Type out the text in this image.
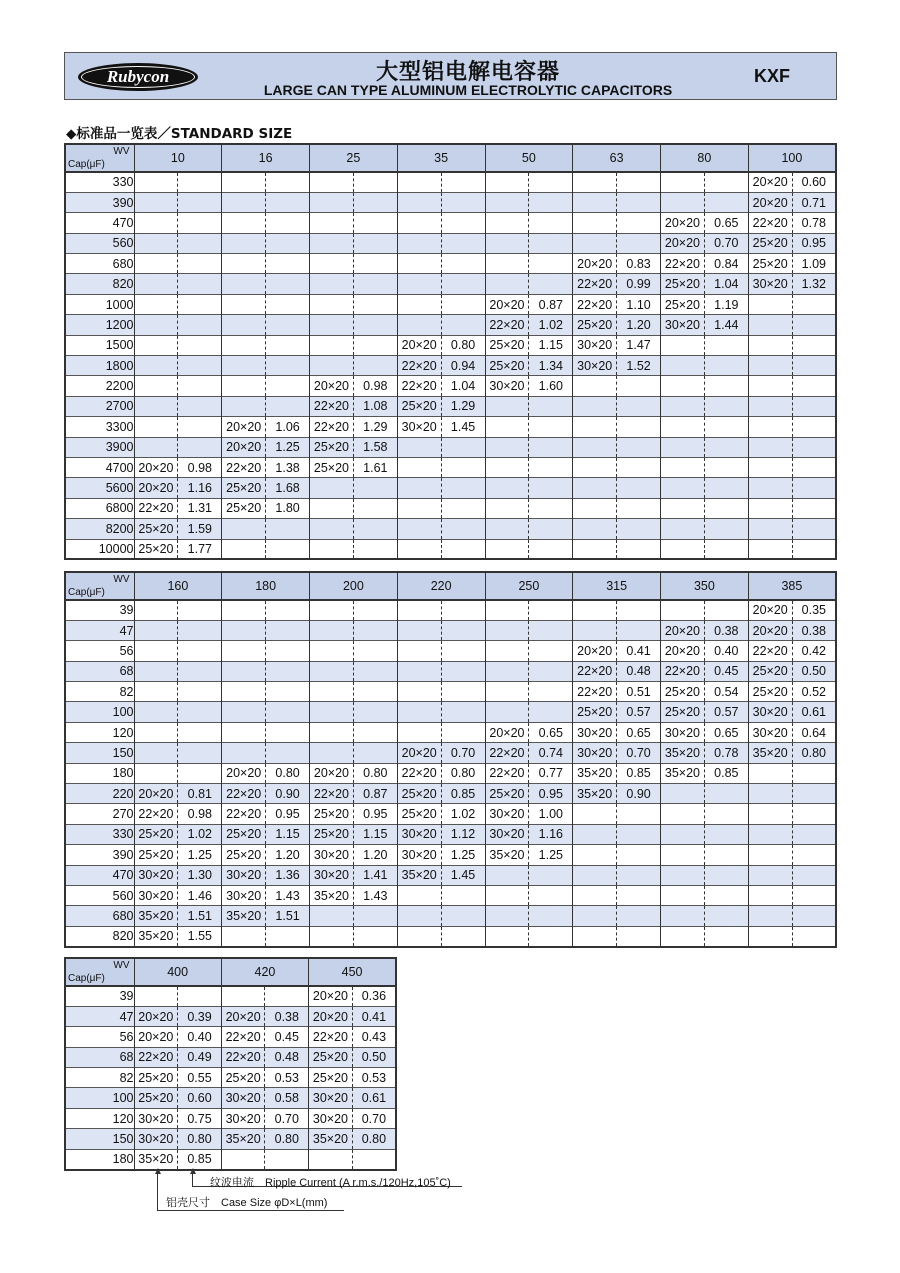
Rubycon	大型铝电解电容器
LARGE CAN TYPE ALUMINUM ELECTROLYTIC CAPACITORS
KXF
◆标准品一览表／STANDARD SIZE
WV
Cap(μF)	10		16		25		35		50		63		80		100	
330															20×20	0.60
390															20×20	0.71
470													20×20	0.65	22×20	0.78
560													20×20	0.70	25×20	0.95
680											20×20	0.83	22×20	0.84	25×20	1.09
820											22×20	0.99	25×20	1.04	30×20	1.32
1000									20×20	0.87	22×20	1.10	25×20	1.19		
1200									22×20	1.02	25×20	1.20	30×20	1.44		
1500							20×20	0.80	25×20	1.15	30×20	1.47				
1800							22×20	0.94	25×20	1.34	30×20	1.52				
2200					20×20	0.98	22×20	1.04	30×20	1.60						
2700					22×20	1.08	25×20	1.29								
3300			20×20	1.06	22×20	1.29	30×20	1.45								
3900			20×20	1.25	25×20	1.58										
4700	20×20	0.98	22×20	1.38	25×20	1.61										
5600	20×20	1.16	25×20	1.68												
6800	22×20	1.31	25×20	1.80												
8200	25×20	1.59														
10000	25×20	1.77														
WV
Cap(μF)	160		180		200		220		250		315		350		385	
39															20×20	0.35
47													20×20	0.38	20×20	0.38
56											20×20	0.41	20×20	0.40	22×20	0.42
68											22×20	0.48	22×20	0.45	25×20	0.50
82											22×20	0.51	25×20	0.54	25×20	0.52
100											25×20	0.57	25×20	0.57	30×20	0.61
120									20×20	0.65	30×20	0.65	30×20	0.65	30×20	0.64
150							20×20	0.70	22×20	0.74	30×20	0.70	35×20	0.78	35×20	0.80
180			20×20	0.80	20×20	0.80	22×20	0.80	22×20	0.77	35×20	0.85	35×20	0.85		
220	20×20	0.81	22×20	0.90	22×20	0.87	25×20	0.85	25×20	0.95	35×20	0.90				
270	22×20	0.98	22×20	0.95	25×20	0.95	25×20	1.02	30×20	1.00						
330	25×20	1.02	25×20	1.15	25×20	1.15	30×20	1.12	30×20	1.16						
390	25×20	1.25	25×20	1.20	30×20	1.20	30×20	1.25	35×20	1.25						
470	30×20	1.30	30×20	1.36	30×20	1.41	35×20	1.45								
560	30×20	1.46	30×20	1.43	35×20	1.43										
680	35×20	1.51	35×20	1.51												
820	35×20	1.55														
WV
Cap(μF)	400		420		450	
39					20×20	0.36
47	20×20	0.39	20×20	0.38	20×20	0.41
56	20×20	0.40	22×20	0.45	22×20	0.43
68	22×20	0.49	22×20	0.48	25×20	0.50
82	25×20	0.55	25×20	0.53	25×20	0.53
100	25×20	0.60	30×20	0.58	30×20	0.61
120	30×20	0.75	30×20	0.70	30×20	0.70
150	30×20	0.80	35×20	0.80	35×20	0.80
180	35×20	0.85				
纹波电流　Ripple Current (A r.m.s./120Hz,105˚C)
铝壳尺寸　Case Size φD×L(mm)
